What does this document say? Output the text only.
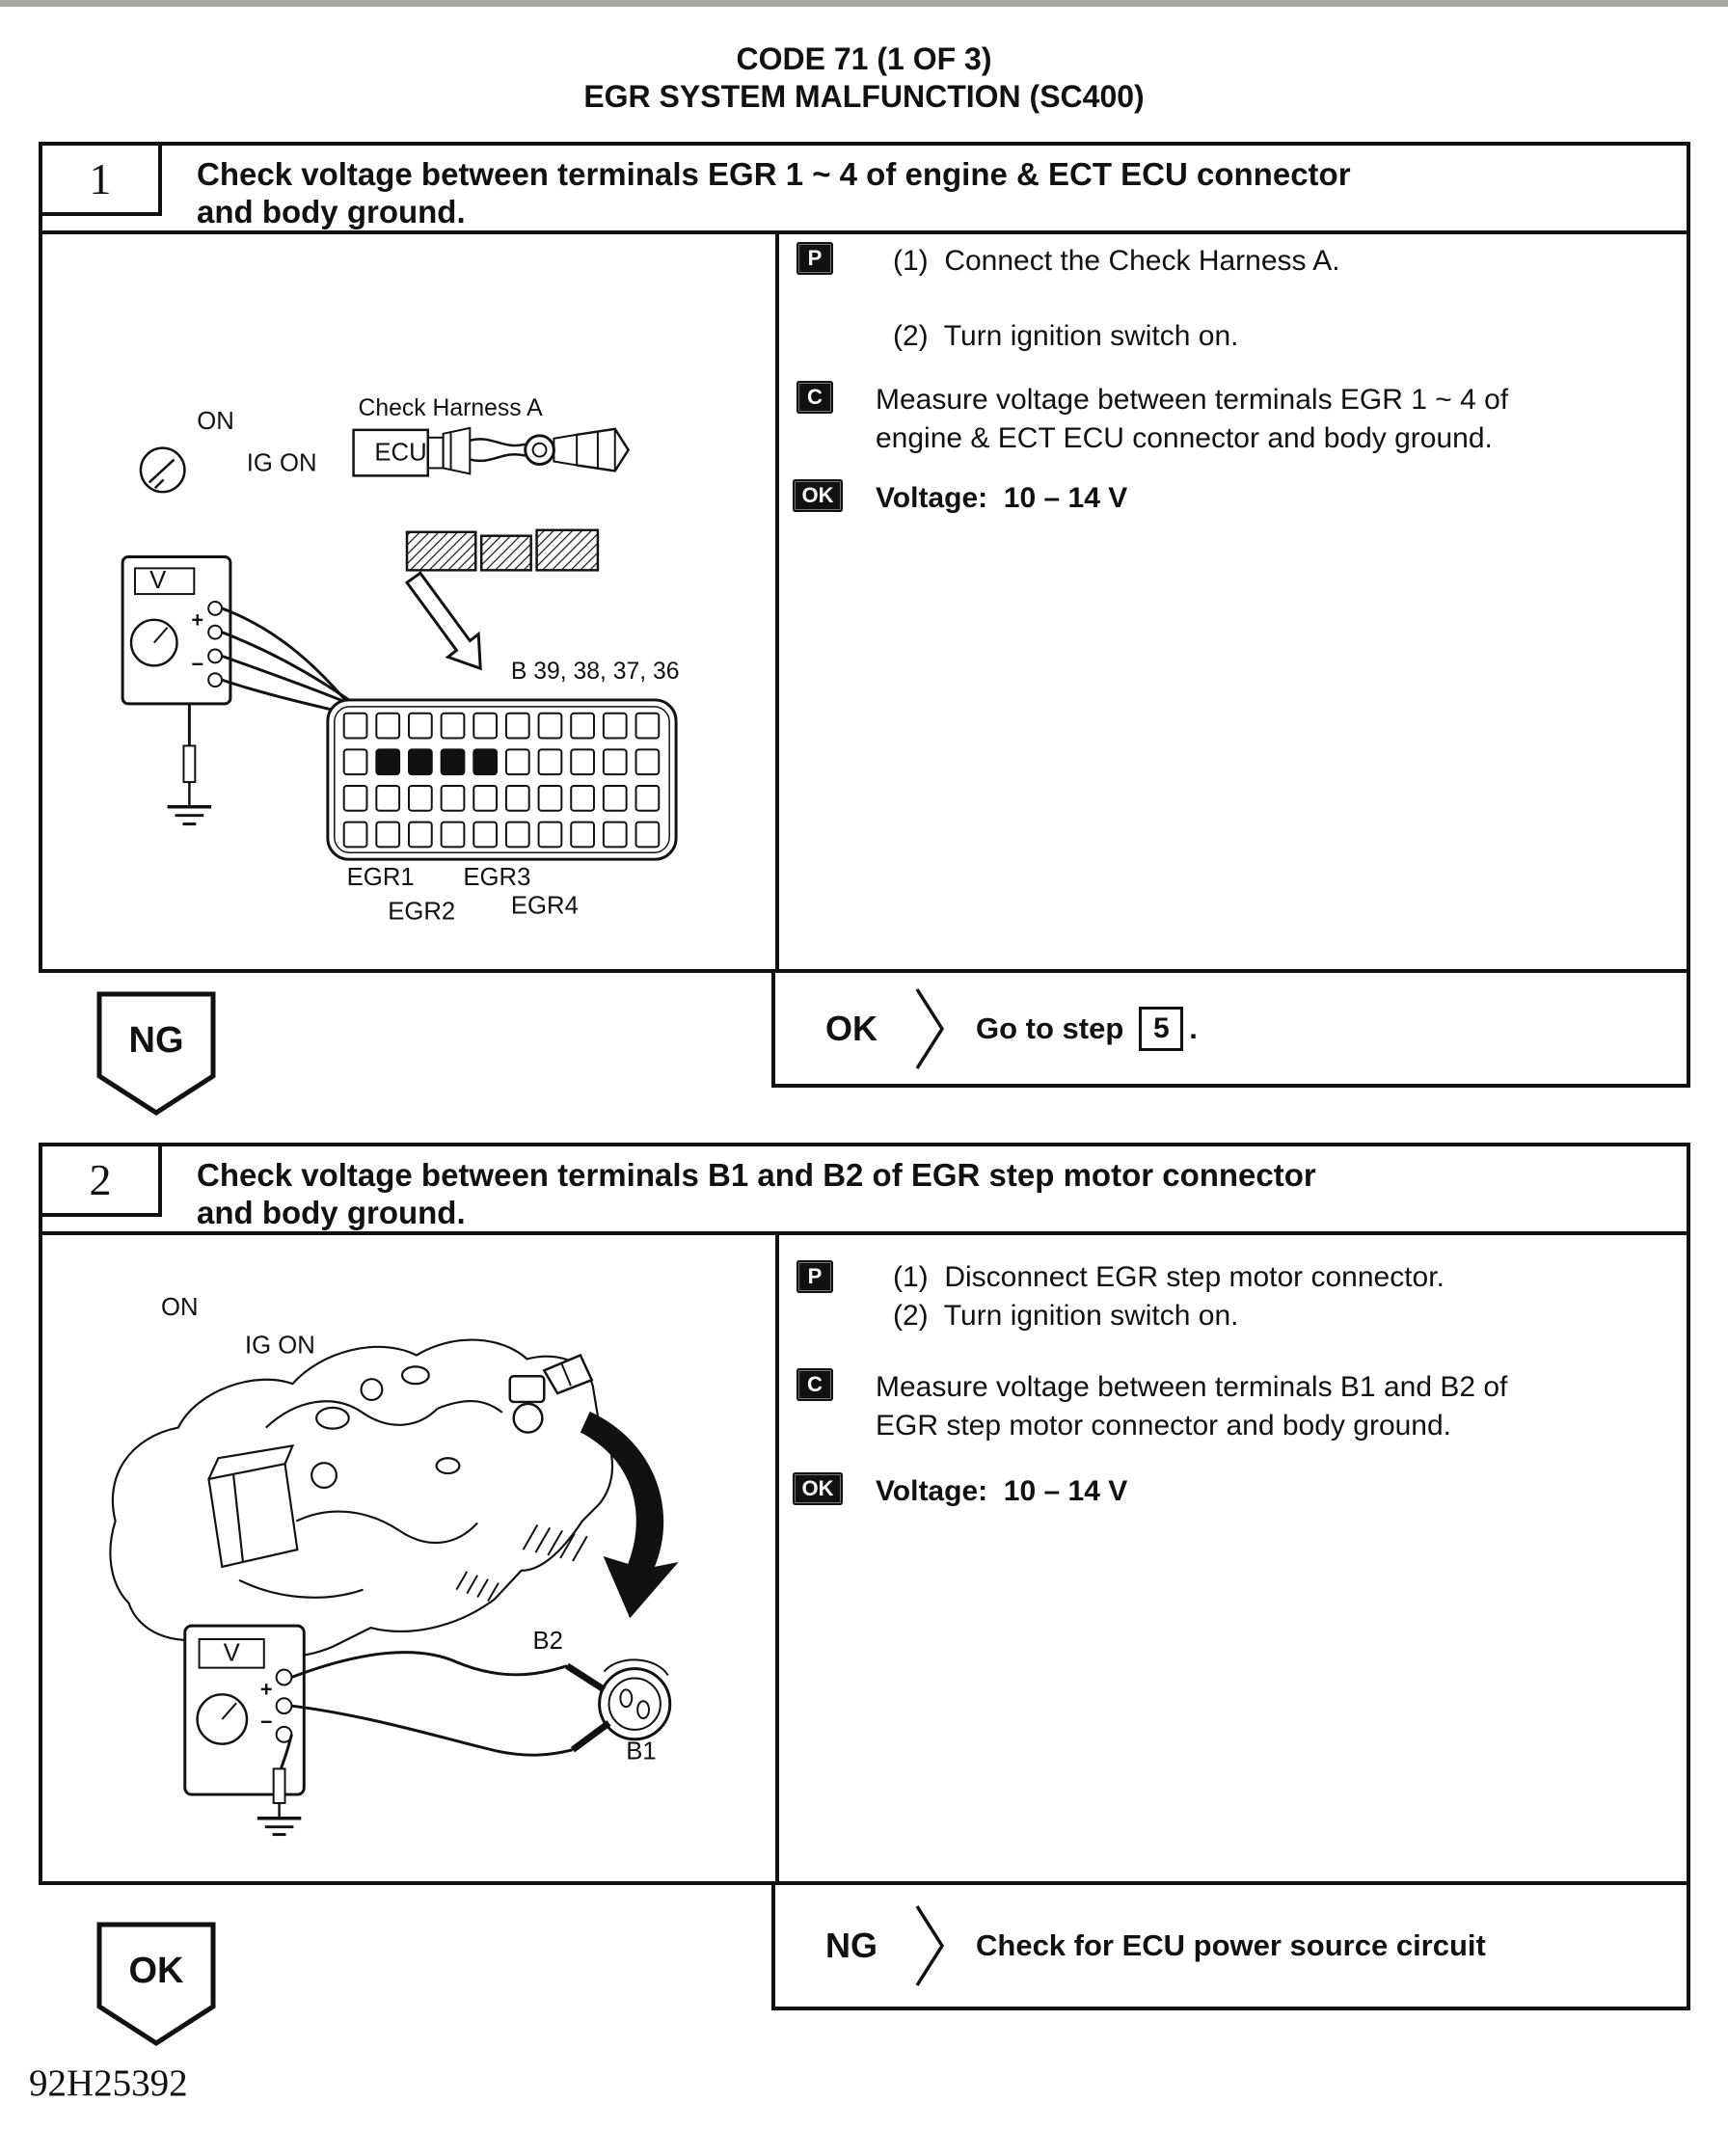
CODE 71 (1 OF 3)
EGR SYSTEM MALFUNCTION (SC400)
1	Check voltage between terminals EGR 1 ~ 4 of engine & ECT ECU connector and body ground.
ON
IG ON
Check Harness A
ECU
V
+
−	B 39, 38, 37, 36
EGR1 EGR3
EGR2 EGR4
P	(1)  Connect the Check Harness A.
(2)  Turn ignition switch on.
C	Measure voltage between terminals EGR 1 ~ 4 of engine & ECT ECU connector and body ground.
OK	Voltage:  10 – 14 V
OK	Go to step	5 .
NG
2	Check voltage between terminals B1 and B2 of EGR step motor connector and body ground.
ON
IG ON
V
+
−
B2
B1
P	(1)  Disconnect EGR step motor connector.
(2)  Turn ignition switch on.
C	Measure voltage between terminals B1 and B2 of EGR step motor connector and body ground.
OK	Voltage:  10 – 14 V
NG	Check for ECU power source circuit
OK
92H25392
